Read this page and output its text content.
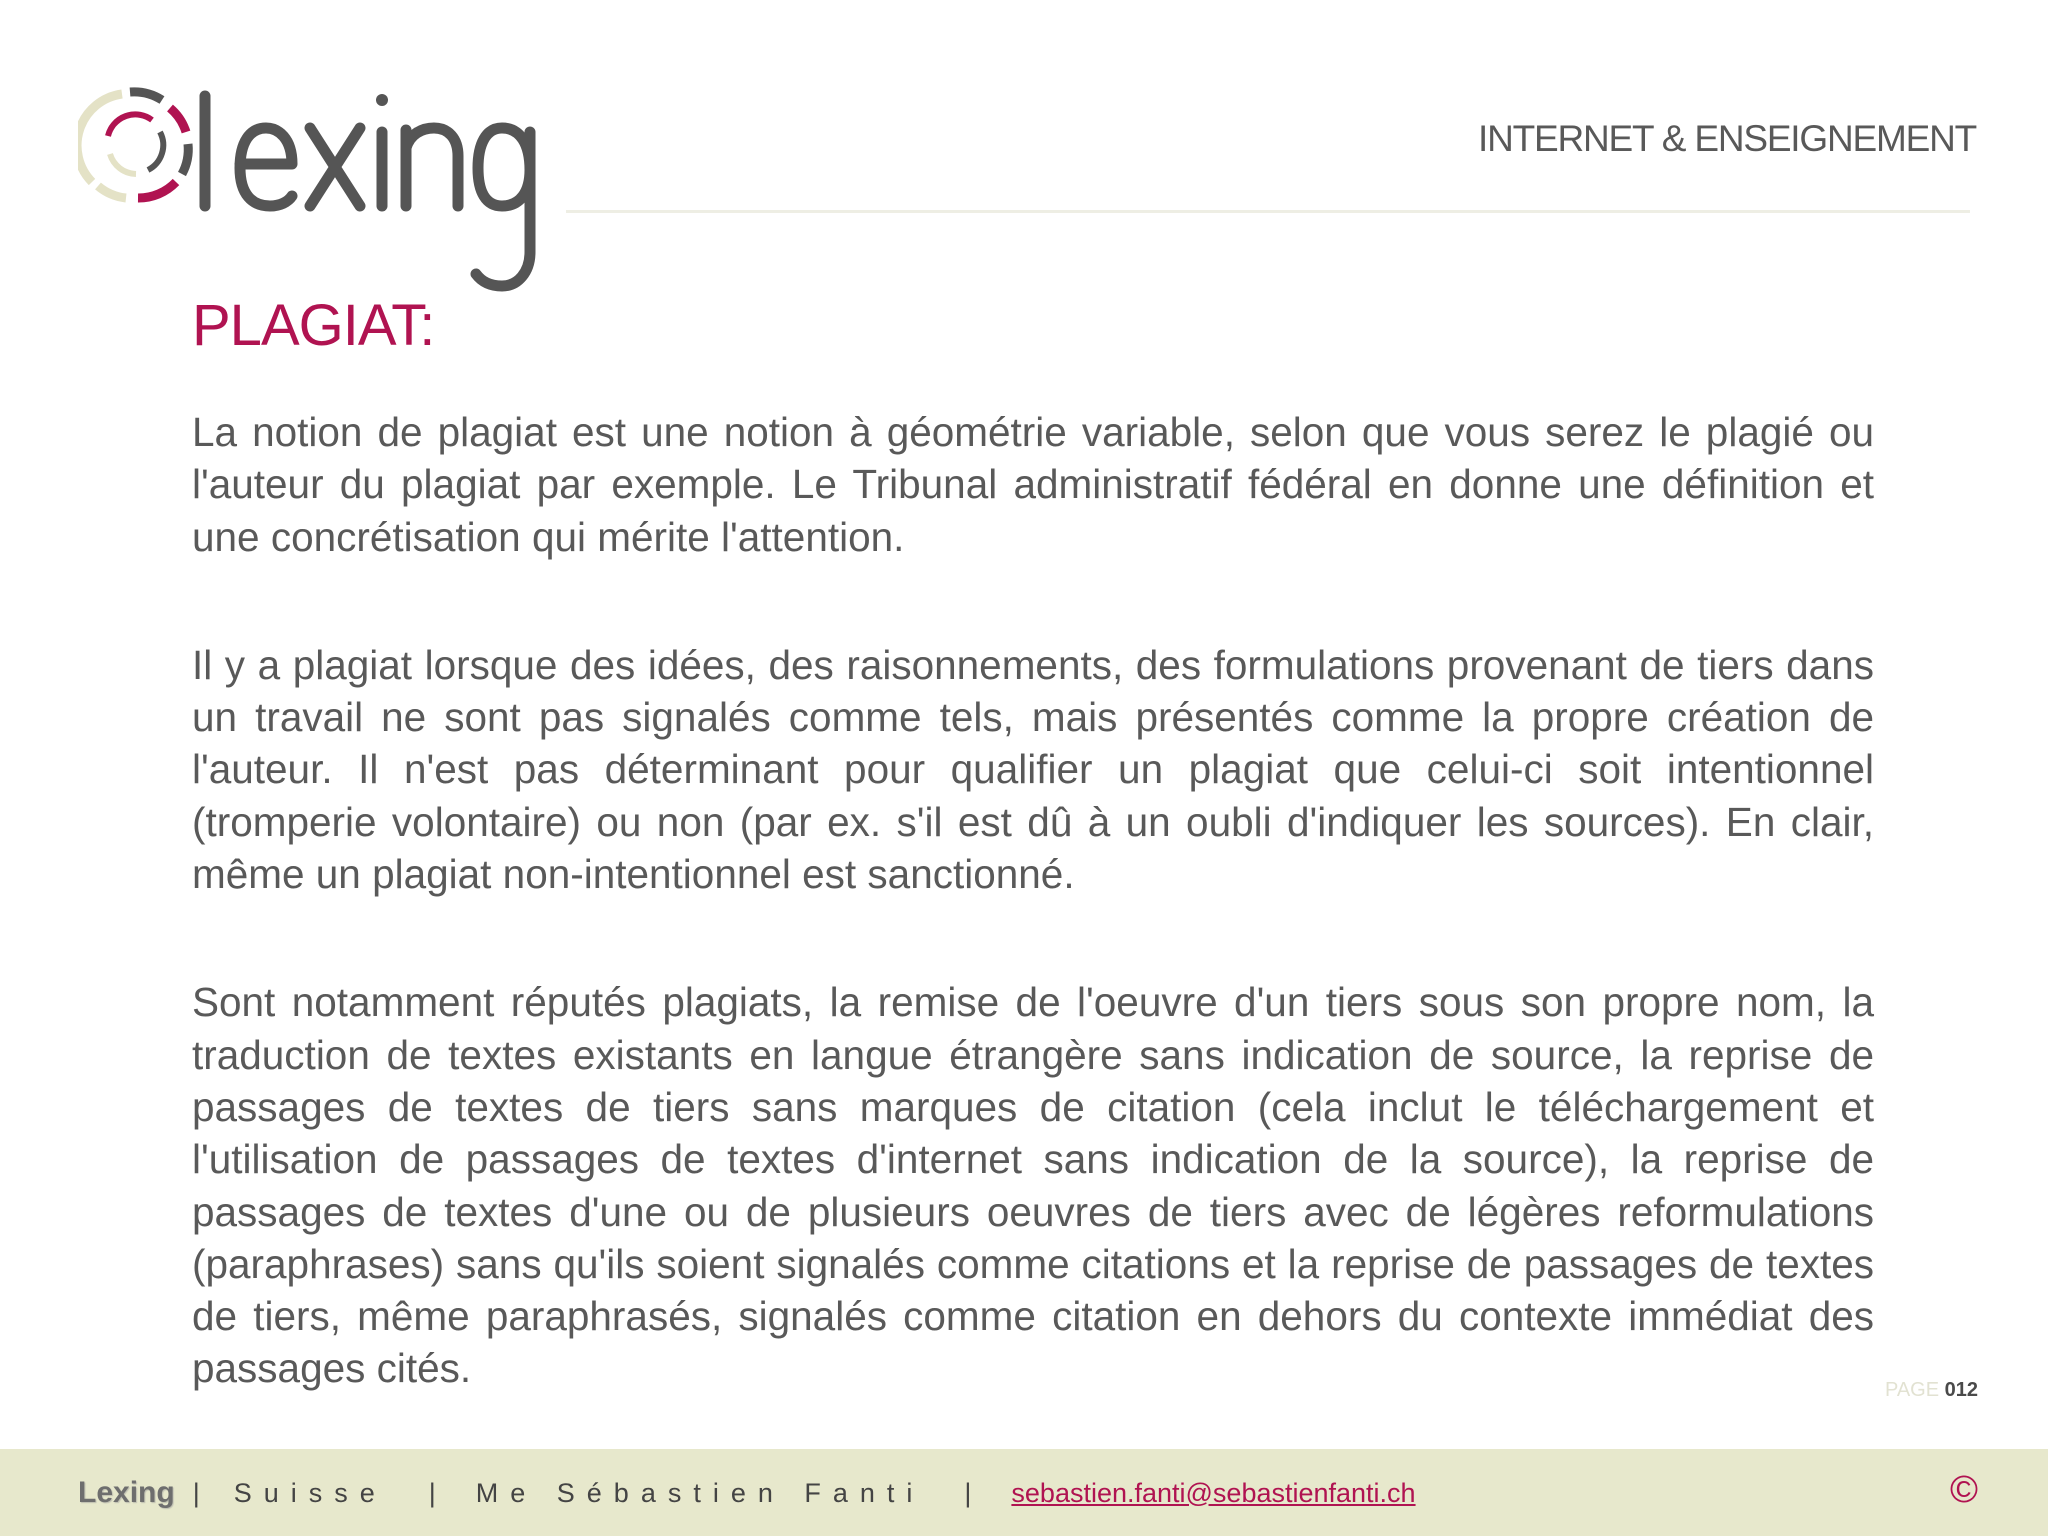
INTERNET & ENSEIGNEMENT
PLAGIAT:

La notion de plagiat est une notion à géométrie variable, selon que vous serez le plagié ou l'auteur du plagiat par exemple. Le Tribunal administratif fédéral en donne une définition et une concrétisation qui mérite l'attention.

Il y a plagiat lorsque des idées, des raisonnements, des formulations provenant de tiers dans un travail ne sont pas signalés comme tels, mais présentés comme la propre création de l'auteur. Il n'est pas déterminant pour qualifier un plagiat que celui-ci soit intentionnel (tromperie volontaire) ou non (par ex. s'il est dû à un oubli d'indiquer les sources). En clair, même un plagiat non-intentionnel est sanctionné.

Sont notamment réputés plagiats, la remise de l'oeuvre d'un tiers sous son propre nom, la traduction de textes existants en langue étrangère sans indication de source, la reprise de passages de textes de tiers sans marques de citation (cela inclut le téléchargement et l'utilisation de passages de textes d'internet sans indication de la source), la reprise de passages de textes d'une ou de plusieurs oeuvres de tiers avec de légères reformulations (paraphrases) sans qu'ils soient signalés comme citations et la reprise de passages de textes de tiers, même paraphrasés, signalés comme citation en dehors du contexte immédiat des passages cités.	PAGE 012
Lexing | Suisse | Me Sébastien Fanti | sebastien.fanti@sebastienfanti.ch	©
